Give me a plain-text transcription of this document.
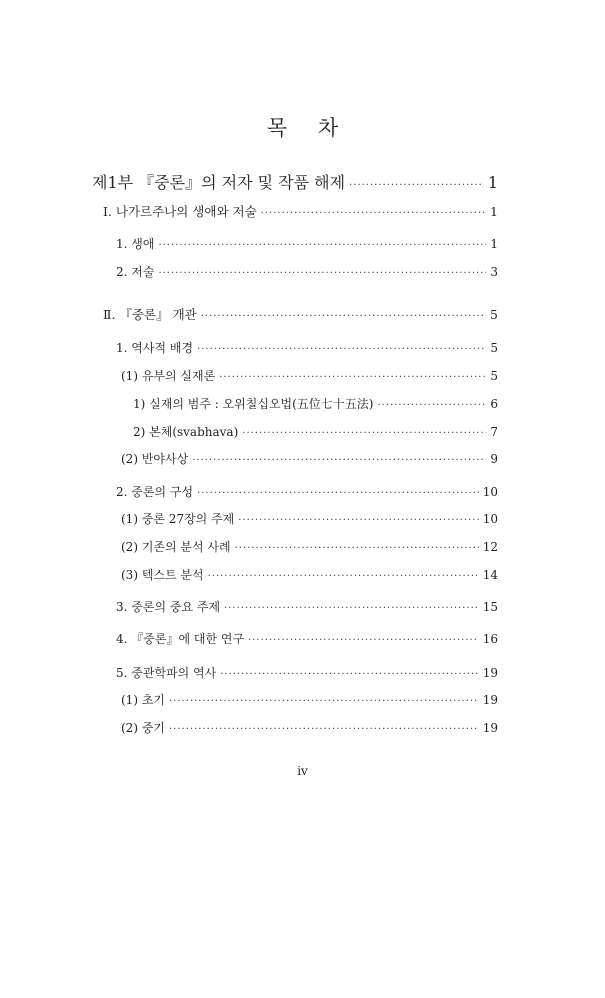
목 차
제1부 『중론』의 저자 및 작품 해제 ·····	1
Ⅰ. 나가르주나의 생애와 저술 ·····	1
1. 생애 ·····	1
2. 저술 ·····	3
Ⅱ. 『중론』 개관 ·····	5
1. 역사적 배경 ·····	5
(1) 유부의 실재론 ·····	5
1) 실재의 범주 : 오위칠십오법(五位七十五法) ·····	6
2) 본체(svabhava) ·····	7
(2) 반야사상 ·····	9
2. 중론의 구성 ·····	10
(1) 중론 27장의 주제 ·····	10
(2) 기존의 분석 사례 ·····	12
(3) 텍스트 분석 ·····	14
3. 중론의 중요 주제 ·····	15
4. 『중론』에 대한 연구 ·····	16
5. 중관학파의 역사 ·····	19
(1) 초기 ·····	19
(2) 중기 ·····	19
iv
